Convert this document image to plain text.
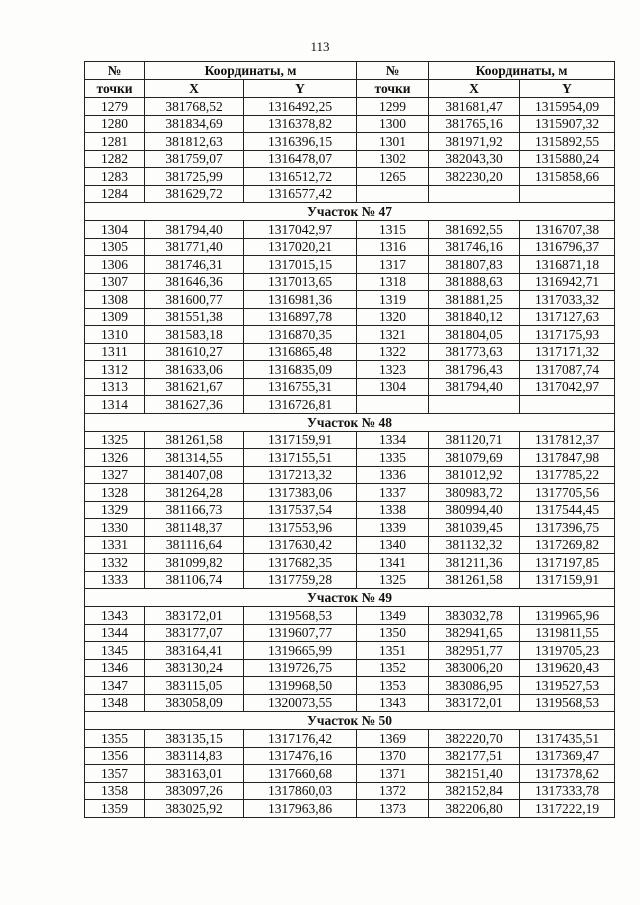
113
№	Координаты, м		№	Координаты, м	
точки	X	Y	точки	X	Y
1279	381768,52	1316492,25	1299	381681,47	1315954,09
1280	381834,69	1316378,82	1300	381765,16	1315907,32
1281	381812,63	1316396,15	1301	381971,92	1315892,55
1282	381759,07	1316478,07	1302	382043,30	1315880,24
1283	381725,99	1316512,72	1265	382230,20	1315858,66
1284	381629,72	1316577,42			
Участок № 47					
1304	381794,40	1317042,97	1315	381692,55	1316707,38
1305	381771,40	1317020,21	1316	381746,16	1316796,37
1306	381746,31	1317015,15	1317	381807,83	1316871,18
1307	381646,36	1317013,65	1318	381888,63	1316942,71
1308	381600,77	1316981,36	1319	381881,25	1317033,32
1309	381551,38	1316897,78	1320	381840,12	1317127,63
1310	381583,18	1316870,35	1321	381804,05	1317175,93
1311	381610,27	1316865,48	1322	381773,63	1317171,32
1312	381633,06	1316835,09	1323	381796,43	1317087,74
1313	381621,67	1316755,31	1304	381794,40	1317042,97
1314	381627,36	1316726,81			
Участок № 48					
1325	381261,58	1317159,91	1334	381120,71	1317812,37
1326	381314,55	1317155,51	1335	381079,69	1317847,98
1327	381407,08	1317213,32	1336	381012,92	1317785,22
1328	381264,28	1317383,06	1337	380983,72	1317705,56
1329	381166,73	1317537,54	1338	380994,40	1317544,45
1330	381148,37	1317553,96	1339	381039,45	1317396,75
1331	381116,64	1317630,42	1340	381132,32	1317269,82
1332	381099,82	1317682,35	1341	381211,36	1317197,85
1333	381106,74	1317759,28	1325	381261,58	1317159,91
Участок № 49					
1343	383172,01	1319568,53	1349	383032,78	1319965,96
1344	383177,07	1319607,77	1350	382941,65	1319811,55
1345	383164,41	1319665,99	1351	382951,77	1319705,23
1346	383130,24	1319726,75	1352	383006,20	1319620,43
1347	383115,05	1319968,50	1353	383086,95	1319527,53
1348	383058,09	1320073,55	1343	383172,01	1319568,53
Участок № 50					
1355	383135,15	1317176,42	1369	382220,70	1317435,51
1356	383114,83	1317476,16	1370	382177,51	1317369,47
1357	383163,01	1317660,68	1371	382151,40	1317378,62
1358	383097,26	1317860,03	1372	382152,84	1317333,78
1359	383025,92	1317963,86	1373	382206,80	1317222,19
